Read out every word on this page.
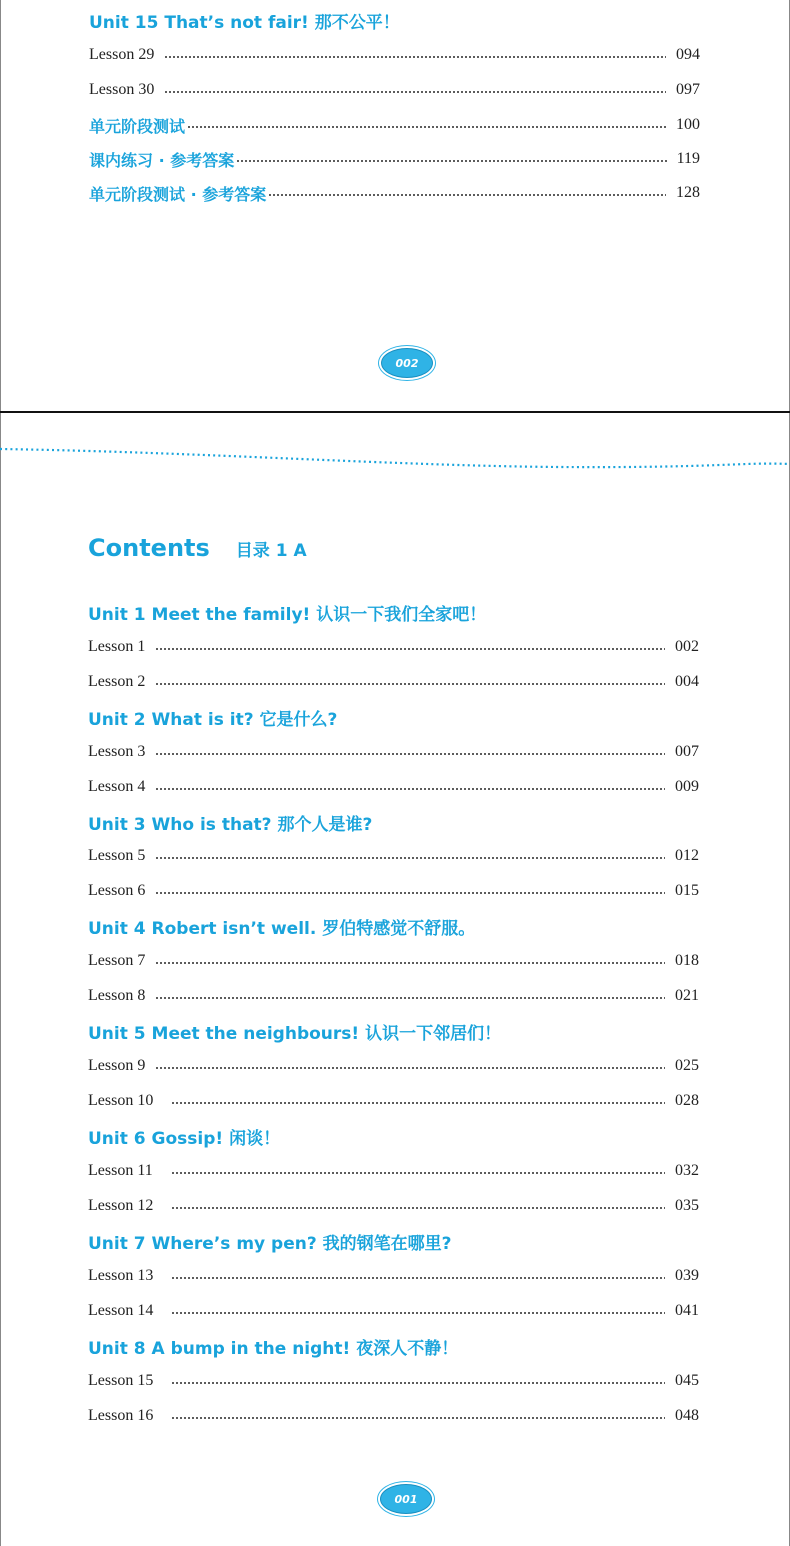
Unit 15 That’s not fair! 那不公平！
Lesson 29	094
Lesson 30	097
单元阶段测试	100
课内练习 · 参考答案	119
单元阶段测试 · 参考答案	128
002
Contents 目录 1 A
Unit 1 Meet the family! 认识一下我们全家吧！
Lesson 1	002
Lesson 2	004
Unit 2 What is it? 它是什么?
Lesson 3	007
Lesson 4	009
Unit 3 Who is that? 那个人是谁?
Lesson 5	012
Lesson 6	015
Unit 4 Robert isn’t well. 罗伯特感觉不舒服。
Lesson 7	018
Lesson 8	021
Unit 5 Meet the neighbours! 认识一下邻居们！
Lesson 9	025
Lesson 10	028
Unit 6 Gossip! 闲谈！
Lesson 11	032
Lesson 12	035
Unit 7 Where’s my pen? 我的钢笔在哪里?
Lesson 13	039
Lesson 14	041
Unit 8 A bump in the night! 夜深人不静！
Lesson 15	045
Lesson 16	048
001
